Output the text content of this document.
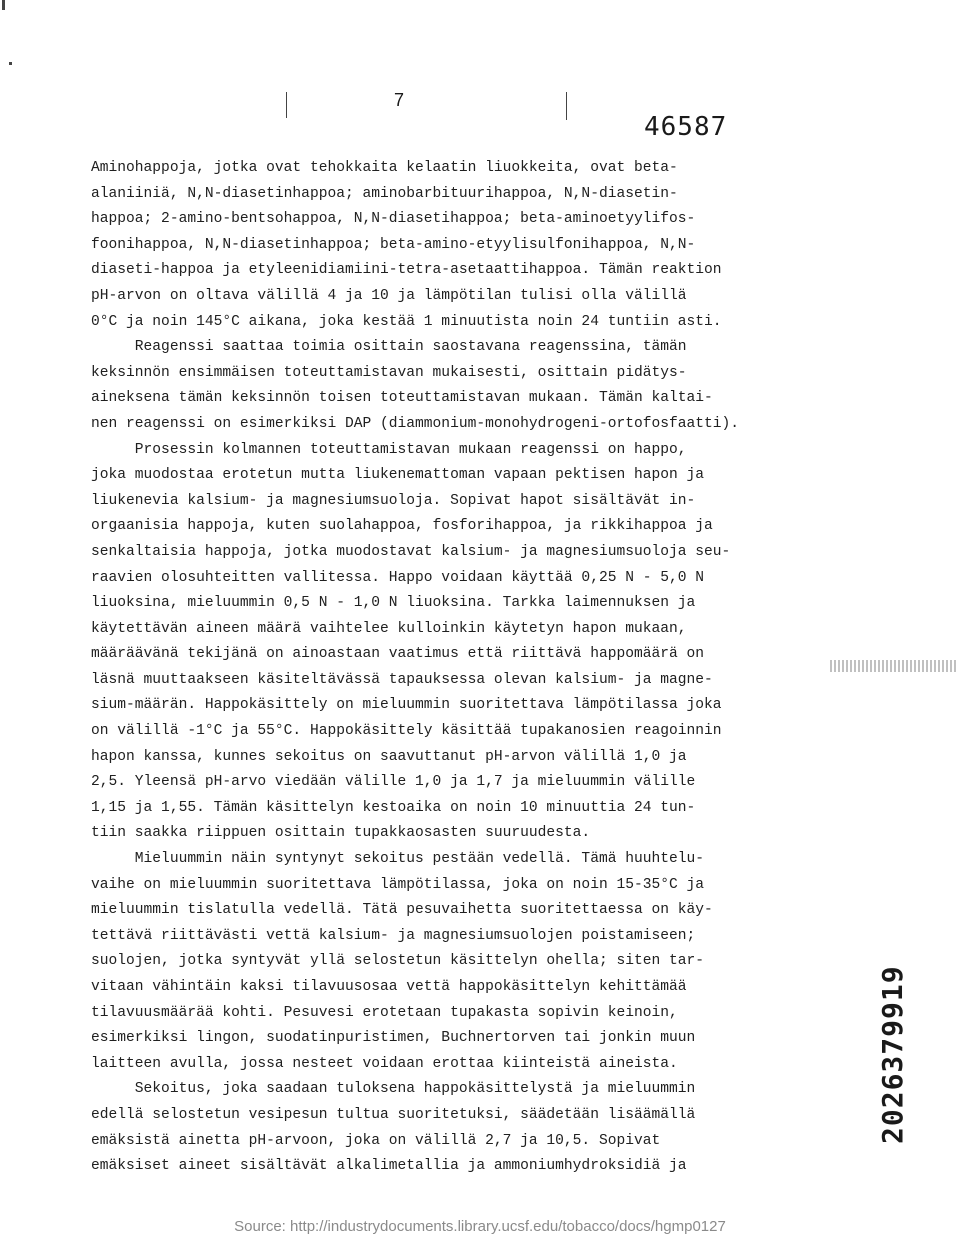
7
46587
Aminohappoja, jotka ovat tehokkaita kelaatin liuokkeita, ovat beta-
alaniiniä, N,N-diasetinhappoa; aminobarbituurihappoa, N,N-diasetin-
happoa; 2-amino-bentsohappoa, N,N-diasetihappoa; beta-aminoetyylifos-
foonihappoa, N,N-diasetinhappoa; beta-amino-etyylisulfonihappoa, N,N-
diaseti-happoa ja etyleenidiamiini-tetra-asetaattihappoa. Tämän reaktion
pH-arvon on oltava välillä 4 ja 10 ja lämpötilan tulisi olla välillä
0°C ja noin 145°C aikana, joka kestää 1 minuutista noin 24 tuntiin asti.
Reagenssi saattaa toimia osittain saostavana reagenssina, tämän
keksinnön ensimmäisen toteuttamistavan mukaisesti, osittain pidätys-
aineksena tämän keksinnön toisen toteuttamistavan mukaan. Tämän kaltai-
nen reagenssi on esimerkiksi DAP (diammonium-monohydrogeni-ortofosfaatti).
Prosessin kolmannen toteuttamistavan mukaan reagenssi on happo,
joka muodostaa erotetun mutta liukenemattoman vapaan pektisen hapon ja
liukenevia kalsium- ja magnesiumsuoloja. Sopivat hapot sisältävät in-
orgaanisia happoja, kuten suolahappoa, fosforihappoa, ja rikkihappoa ja
senkaltaisia happoja, jotka muodostavat kalsium- ja magnesiumsuoloja seu-
raavien olosuhteitten vallitessa. Happo voidaan käyttää 0,25 N - 5,0 N
liuoksina, mieluummin 0,5 N - 1,0 N liuoksina. Tarkka laimennuksen ja
käytettävän aineen määrä vaihtelee kulloinkin käytetyn hapon mukaan,
määräävänä tekijänä on ainoastaan vaatimus että riittävä happomäärä on
läsnä muuttaakseen käsiteltävässä tapauksessa olevan kalsium- ja magne-
sium-määrän. Happokäsittely on mieluummin suoritettava lämpötilassa joka
on välillä -1°C ja 55°C. Happokäsittely käsittää tupakanosien reagoinnin
hapon kanssa, kunnes sekoitus on saavuttanut pH-arvon välillä 1,0 ja
2,5. Yleensä pH-arvo viedään välille 1,0 ja 1,7 ja mieluummin välille
1,15 ja 1,55. Tämän käsittelyn kestoaika on noin 10 minuuttia 24 tun-
tiin saakka riippuen osittain tupakkaosasten suuruudesta.
Mieluummin näin syntynyt sekoitus pestään vedellä. Tämä huuhtelu-
vaihe on mieluummin suoritettava lämpötilassa, joka on noin 15-35°C ja
mieluummin tislatulla vedellä. Tätä pesuvaihetta suoritettaessa on käy-
tettävä riittävästi vettä kalsium- ja magnesiumsuolojen poistamiseen;
suolojen, jotka syntyvät yllä selostetun käsittelyn ohella; siten tar-
vitaan vähintäin kaksi tilavuusosaa vettä happokäsittelyn kehittämää
tilavuusmäärää kohti. Pesuvesi erotetaan tupakasta sopivin keinoin,
esimerkiksi lingon, suodatinpuristimen, Buchnertorven tai jonkin muun
laitteen avulla, jossa nesteet voidaan erottaa kiinteistä aineista.
Sekoitus, joka saadaan tuloksena happokäsittelystä ja mieluummin
edellä selostetun vesipesun tultua suoritetuksi, säädetään lisäämällä
emäksistä ainetta pH-arvoon, joka on välillä 2,7 ja 10,5. Sopivat
emäksiset aineet sisältävät alkalimetallia ja ammoniumhydroksidiä ja
2026379919
Source: http://industrydocuments.library.ucsf.edu/tobacco/docs/hgmp0127
